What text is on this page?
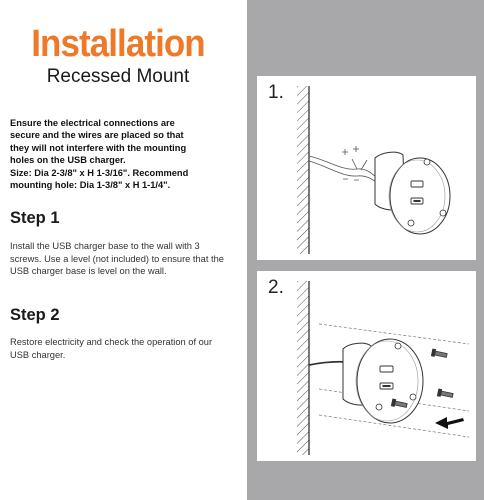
Installation
Recessed Mount
Ensure the electrical connections are
secure and the wires are placed so that
they will not interfere with the mounting
holes on the USB charger.
Size: Dia 2-3/8" x H 1-3/16". Recommend
mounting hole: Dia 1-3/8" x H 1-1/4".
Step 1
Install the USB charger base to the wall with 3
screws. Use a level (not included) to ensure that the
USB charger base is level on the wall.
Step 2
Restore electricity and check the operation of our
USB charger.
1.
2.
